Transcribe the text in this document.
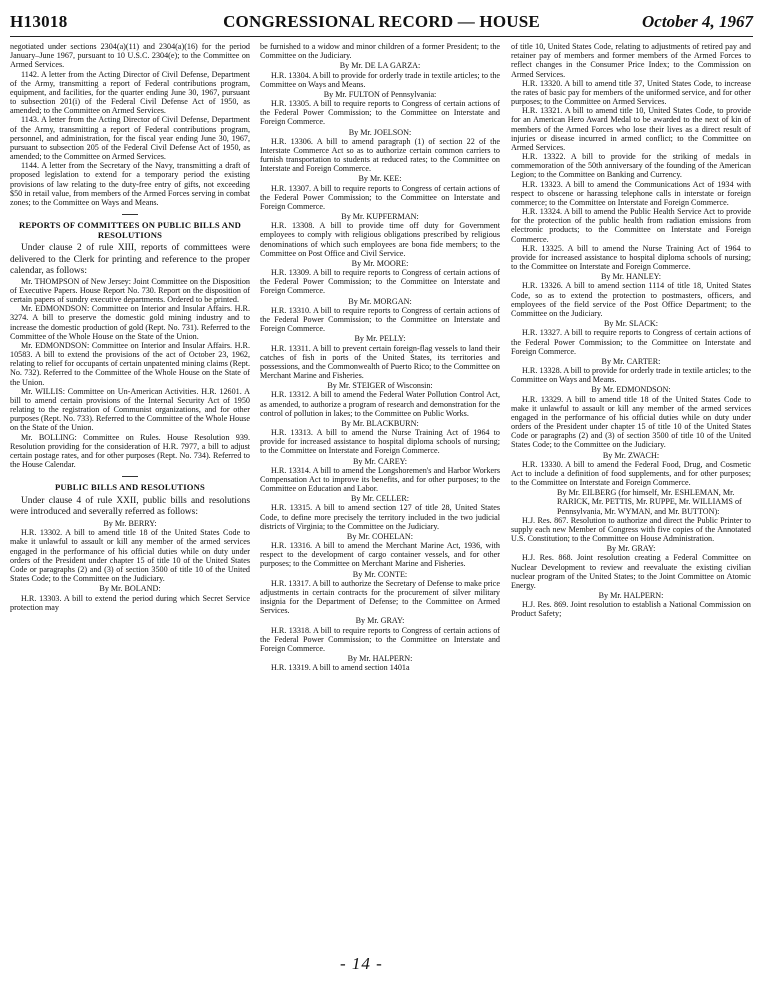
H13018	CONGRESSIONAL RECORD — HOUSE	October 4, 1967

negotiated under sections 2304(a)(11) and 2304(a)(16) for the period January–June 1967, pursuant to 10 U.S.C. 2304(e); to the Committee on Armed Services.

1142. A letter from the Acting Director of Civil Defense, Department of the Army, transmitting a report of Federal contributions program, equipment, and facilities, for the quarter ending June 30, 1967, pursuant to subsection 201(i) of the Federal Civil Defense Act of 1950, as amended; to the Committee on Armed Services.

1143. A letter from the Acting Director of Civil Defense, Department of the Army, transmitting a report of Federal contributions program, personnel, and administration, for the fiscal year ending June 30, 1967, pursuant to subsection 205 of the Federal Civil Defense Act of 1950, as amended; to the Committee on Armed Services.

1144. A letter from the Secretary of the Navy, transmitting a draft of proposed legislation to extend for a temporary period the existing provisions of law relating to the duty-free entry of gifts, not exceeding $50 in retail value, from members of the Armed Forces serving in combat zones; to the Committee on Ways and Means.

REPORTS OF COMMITTEES ON PUBLIC BILLS AND RESOLUTIONS

Under clause 2 of rule XIII, reports of committees were delivered to the Clerk for printing and reference to the proper calendar, as follows:

Mr. THOMPSON of New Jersey: Joint Committee on the Disposition of Executive Papers. House Report No. 730. Report on the disposition of certain papers of sundry executive departments. Ordered to be printed.

Mr. EDMONDSON: Committee on Interior and Insular Affairs. H.R. 3274. A bill to preserve the domestic gold mining industry and to increase the domestic production of gold (Rept. No. 731). Referred to the Committee of the Whole House on the State of the Union.

Mr. EDMONDSON: Committee on Interior and Insular Affairs. H.R. 10583. A bill to extend the provisions of the act of October 23, 1962, relating to relief for occupants of certain unpatented mining claims (Rept. No. 732). Referred to the Committee of the Whole House on the State of the Union.

Mr. WILLIS: Committee on Un-American Activities. H.R. 12601. A bill to amend certain provisions of the Internal Security Act of 1950 relating to the registration of Communist organizations, and for other purposes (Rept. No. 733). Referred to the Committee of the Whole House on the State of the Union.

Mr. BOLLING: Committee on Rules. House Resolution 939. Resolution providing for the consideration of H.R. 7977, a bill to adjust certain postage rates, and for other purposes (Rept. No. 734). Referred to the House Calendar.

PUBLIC BILLS AND RESOLUTIONS

Under clause 4 of rule XXII, public bills and resolutions were introduced and severally referred as follows:

By Mr. BERRY:

H.R. 13302. A bill to amend title 18 of the United States Code to make it unlawful to assault or kill any member of the armed services engaged in the performance of his official duties while on duty under orders of the President under chapter 15 of title 10 of the United States Code or paragraphs (2) and (3) of section 3500 of title 10 of the United States Code; to the Committee on the Judiciary.

By Mr. BOLAND:

H.R. 13303. A bill to extend the period during which Secret Service protection may

be furnished to a widow and minor children of a former President; to the Committee on the Judiciary.

By Mr. DE LA GARZA:

H.R. 13304. A bill to provide for orderly trade in textile articles; to the Committee on Ways and Means.

By Mr. FULTON of Pennsylvania:

H.R. 13305. A bill to require reports to Congress of certain actions of the Federal Power Commission; to the Committee on Interstate and Foreign Commerce.

By Mr. JOELSON:

H.R. 13306. A bill to amend paragraph (1) of section 22 of the Interstate Commerce Act so as to authorize certain common carriers to furnish transportation to students at reduced rates; to the Committee on Interstate and Foreign Commerce.

By Mr. KEE:

H.R. 13307. A bill to require reports to Congress of certain actions of the Federal Power Commission; to the Committee on Interstate and Foreign Commerce.

By Mr. KUPFERMAN:

H.R. 13308. A bill to provide time off duty for Government employees to comply with religious obligations prescribed by religious denominations of which such employees are bona fide members; to the Committee on Post Office and Civil Service.

By Mr. MOORE:

H.R. 13309. A bill to require reports to Congress of certain actions of the Federal Power Commission; to the Committee on Interstate and Foreign Commerce.

By Mr. MORGAN:

H.R. 13310. A bill to require reports to Congress of certain actions of the Federal Power Commission; to the Committee on Interstate and Foreign Commerce.

By Mr. PELLY:

H.R. 13311. A bill to prevent certain foreign-flag vessels to land their catches of fish in ports of the United States, its territories and possessions, and the Commonwealth of Puerto Rico; to the Committee on Merchant Marine and Fisheries.

By Mr. STEIGER of Wisconsin:

H.R. 13312. A bill to amend the Federal Water Pollution Control Act, as amended, to authorize a program of research and demonstration for the control of pollution in lakes; to the Committee on Public Works.

By Mr. BLACKBURN:

H.R. 13313. A bill to amend the Nurse Training Act of 1964 to provide for increased assistance to hospital diploma schools of nursing; to the Committee on Interstate and Foreign Commerce.

By Mr. CAREY:

H.R. 13314. A bill to amend the Longshoremen's and Harbor Workers Compensation Act to improve its benefits, and for other purposes; to the Committee on Education and Labor.

By Mr. CELLER:

H.R. 13315. A bill to amend section 127 of title 28, United States Code, to define more precisely the territory included in the two judicial districts of Virginia; to the Committee on the Judiciary.

By Mr. COHELAN:

H.R. 13316. A bill to amend the Merchant Marine Act, 1936, with respect to the development of cargo container vessels, and for other purposes; to the Committee on Merchant Marine and Fisheries.

By Mr. CONTE:

H.R. 13317. A bill to authorize the Secretary of Defense to make price adjustments in certain contracts for the procurement of silver military insignia for the Department of Defense; to the Committee on Armed Services.

By Mr. GRAY:

H.R. 13318. A bill to require reports to Congress of certain actions of the Federal Power Commission; to the Committee on Interstate and Foreign Commerce.

By Mr. HALPERN:

H.R. 13319. A bill to amend section 1401a

of title 10, United States Code, relating to adjustments of retired pay and retainer pay of members and former members of the Armed Forces to reflect changes in the Consumer Price Index; to the Commission on Armed Services.

H.R. 13320. A bill to amend title 37, United States Code, to increase the rates of basic pay for members of the uniformed service, and for other purposes; to the Committee on Armed Services.

H.R. 13321. A bill to amend title 10, United States Code, to provide for an American Hero Award Medal to be awarded to the next of kin of members of the Armed Forces who lose their lives as a direct result of injuries or disease incurred in armed conflict; to the Committee on Armed Services.

H.R. 13322. A bill to provide for the striking of medals in commemoration of the 50th anniversary of the founding of the American Legion; to the Committee on Banking and Currency.

H.R. 13323. A bill to amend the Communications Act of 1934 with respect to obscene or harassing telephone calls in interstate or foreign commerce; to the Committee on Interstate and Foreign Commerce.

H.R. 13324. A bill to amend the Public Health Service Act to provide for the protection of the public health from radiation emissions from electronic products; to the Committee on Interstate and Foreign Commerce.

H.R. 13325. A bill to amend the Nurse Training Act of 1964 to provide for increased assistance to hospital diploma schools of nursing; to the Committee on Interstate and Foreign Commerce.

By Mr. HANLEY:

H.R. 13326. A bill to amend section 1114 of title 18, United States Code, so as to extend the protection to postmasters, officers, and employees of the field service of the Post Office Department; to the Committee on the Judiciary.

By Mr. SLACK:

H.R. 13327. A bill to require reports to Congress of certain actions of the Federal Power Commission; to the Committee on Interstate and Foreign Commerce.

By Mr. CARTER:

H.R. 13328. A bill to provide for orderly trade in textile articles; to the Committee on Ways and Means.

By Mr. EDMONDSON:

H.R. 13329. A bill to amend title 18 of the United States Code to make it unlawful to assault or kill any member of the armed services engaged in the performance of his official duties while on duty under orders of the President under chapter 15 of title 10 of the United States Code or paragraphs (2) and (3) of section 3500 of title 10 of the United States Code; to the Committee on the Judiciary.

By Mr. ZWACH:

H.R. 13330. A bill to amend the Federal Food, Drug, and Cosmetic Act to include a definition of food supplements, and for other purposes; to the Committee on Interstate and Foreign Commerce.

By Mr. EILBERG (for himself, Mr. ESHLEMAN, Mr. RARICK, Mr. PETTIS, Mr. RUPPE, Mr. WILLIAMS of Pennsylvania, Mr. WYMAN, and Mr. BUTTON):

H.J. Res. 867. Resolution to authorize and direct the Public Printer to supply each new Member of Congress with five copies of the Annotated U.S. Constitution; to the Committee on House Administration.

By Mr. GRAY:

H.J. Res. 868. Joint resolution creating a Federal Committee on Nuclear Development to review and reevaluate the existing civilian nuclear program of the United States; to the Joint Committee on Atomic Energy.

By Mr. HALPERN:

H.J. Res. 869. Joint resolution to establish a National Commission on Product Safety;

- 14 -
